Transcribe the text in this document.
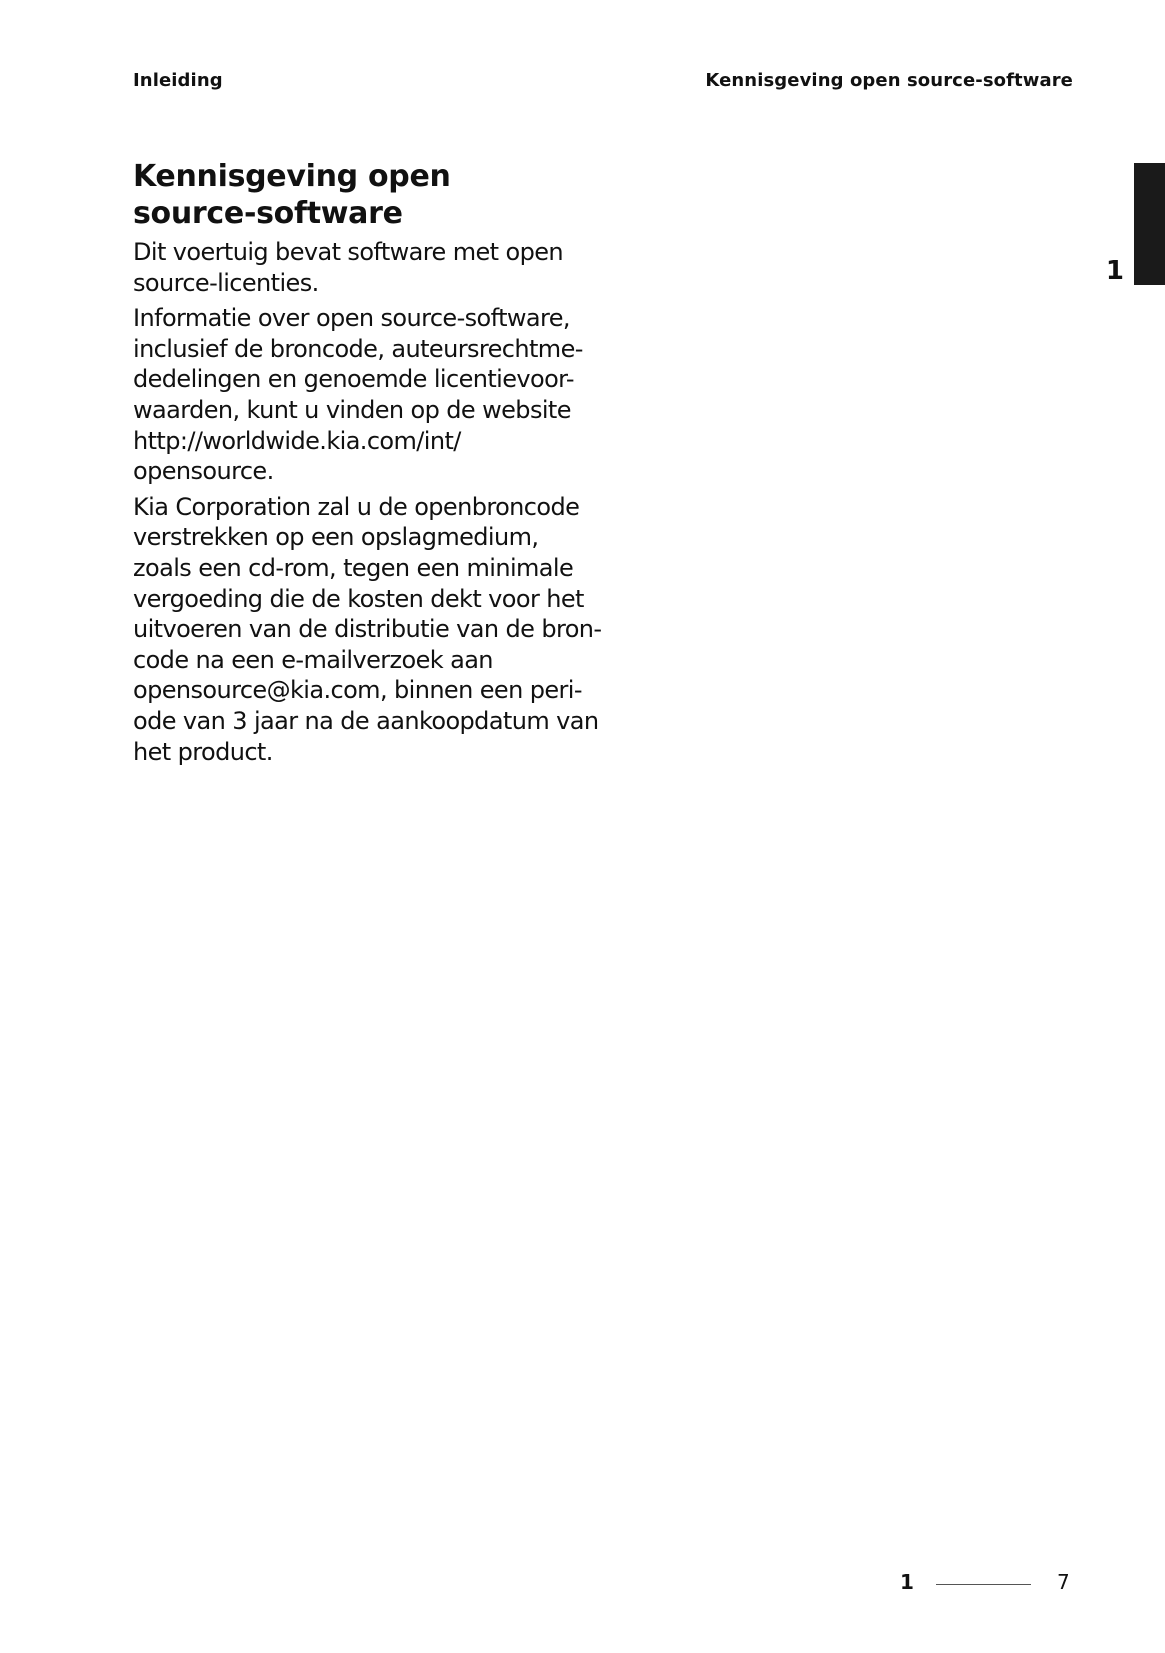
Inleiding	Kennisgeving open source-software
1
Kennisgeving open source-software

Dit voertuig bevat software met open
source-licenties.

Informatie over open source-software,
inclusief de broncode, auteursrechtme-
dedelingen en genoemde licentievoor-
waarden, kunt u vinden op de website
http://worldwide.kia.com/int/
opensource.

Kia Corporation zal u de openbroncode
verstrekken op een opslagmedium,
zoals een cd-rom, tegen een minimale
vergoeding die de kosten dekt voor het
uitvoeren van de distributie van de bron-
code na een e-mailverzoek aan
opensource@kia.com, binnen een peri-
ode van 3 jaar na de aankoopdatum van
het product.

1	7
